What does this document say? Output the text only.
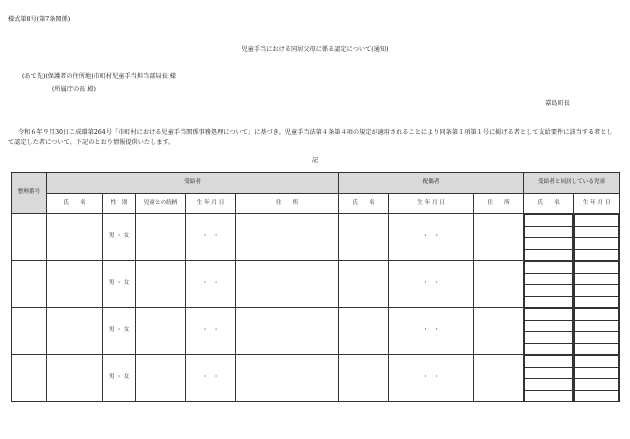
様式第8号(第7条関係)
児童手当における同居父母に係る認定について(通知)
(あて先)(保護者の住所地)市町村児童手当担当部局長 様
(所属庁の長 殿)
嘉島町長
令和６年９月30日こ成環第264号「市町村における児童手当関係事務処理について」に基づき、児童手当法第４条第４項の規定が適用されることにより同条第１項第１号に掲げる者として支給要件に該当する者として認定した者について、下記のとおり情報提供いたします。
記
整理番号	受給者	配偶者	受給者と同居している児童	
氏　　名	性　別	児童との続柄	生 年 月 日	住　　所	氏　　名	生 年 月 日	住　　所	氏　　名	生 年 月 日
		男 ・ 女		・　・			・　・		

		男 ・ 女		・　・			・　・		

		男 ・ 女		・　・			・　・		

		男 ・ 女		・　・			・　・		
